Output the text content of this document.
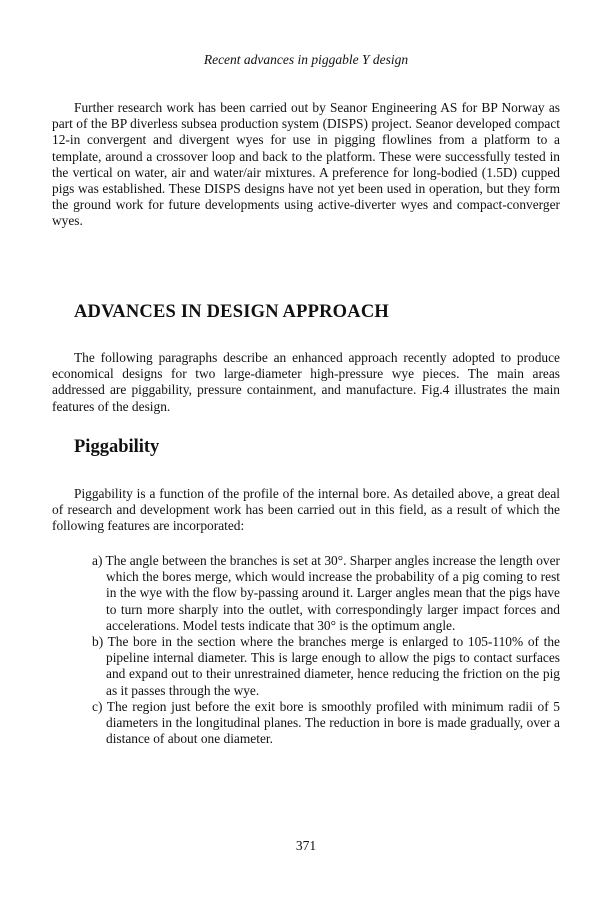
Recent advances in piggable Y design

Further research work has been carried out by Seanor Engineering AS for BP Norway as part of the BP diverless subsea production system (DISPS) project. Seanor developed compact 12-in convergent and divergent wyes for use in pigging flowlines from a platform to a template, around a crossover loop and back to the platform. These were successfully tested in the vertical on water, air and water/air mixtures. A preference for long-bodied (1.5D) cupped pigs was established. These DISPS designs have not yet been used in operation, but they form the ground work for future developments using active-diverter wyes and compact-converger wyes.

ADVANCES IN DESIGN APPROACH

The following paragraphs describe an enhanced approach recently adopted to produce economical designs for two large-diameter high-pressure wye pieces. The main areas addressed are piggability, pressure containment, and manufacture. Fig.4 illustrates the main features of the design.

Piggability

Piggability is a function of the profile of the internal bore. As detailed above, a great deal of research and development work has been carried out in this field, as a result of which the following features are incorporated:

a) The angle between the branches is set at 30°. Sharper angles increase the length over which the bores merge, which would increase the probability of a pig coming to rest in the wye with the flow by-passing around it. Larger angles mean that the pigs have to turn more sharply into the outlet, with correspondingly larger impact forces and accelerations. Model tests indicate that 30° is the optimum angle.
b) The bore in the section where the branches merge is enlarged to 105-110% of the pipeline internal diameter. This is large enough to allow the pigs to contact surfaces and expand out to their unrestrained diameter, hence reducing the friction on the pig as it passes through the wye.
c) The region just before the exit bore is smoothly profiled with minimum radii of 5 diameters in the longitudinal planes. The reduction in bore is made gradually, over a distance of about one diameter.
371
